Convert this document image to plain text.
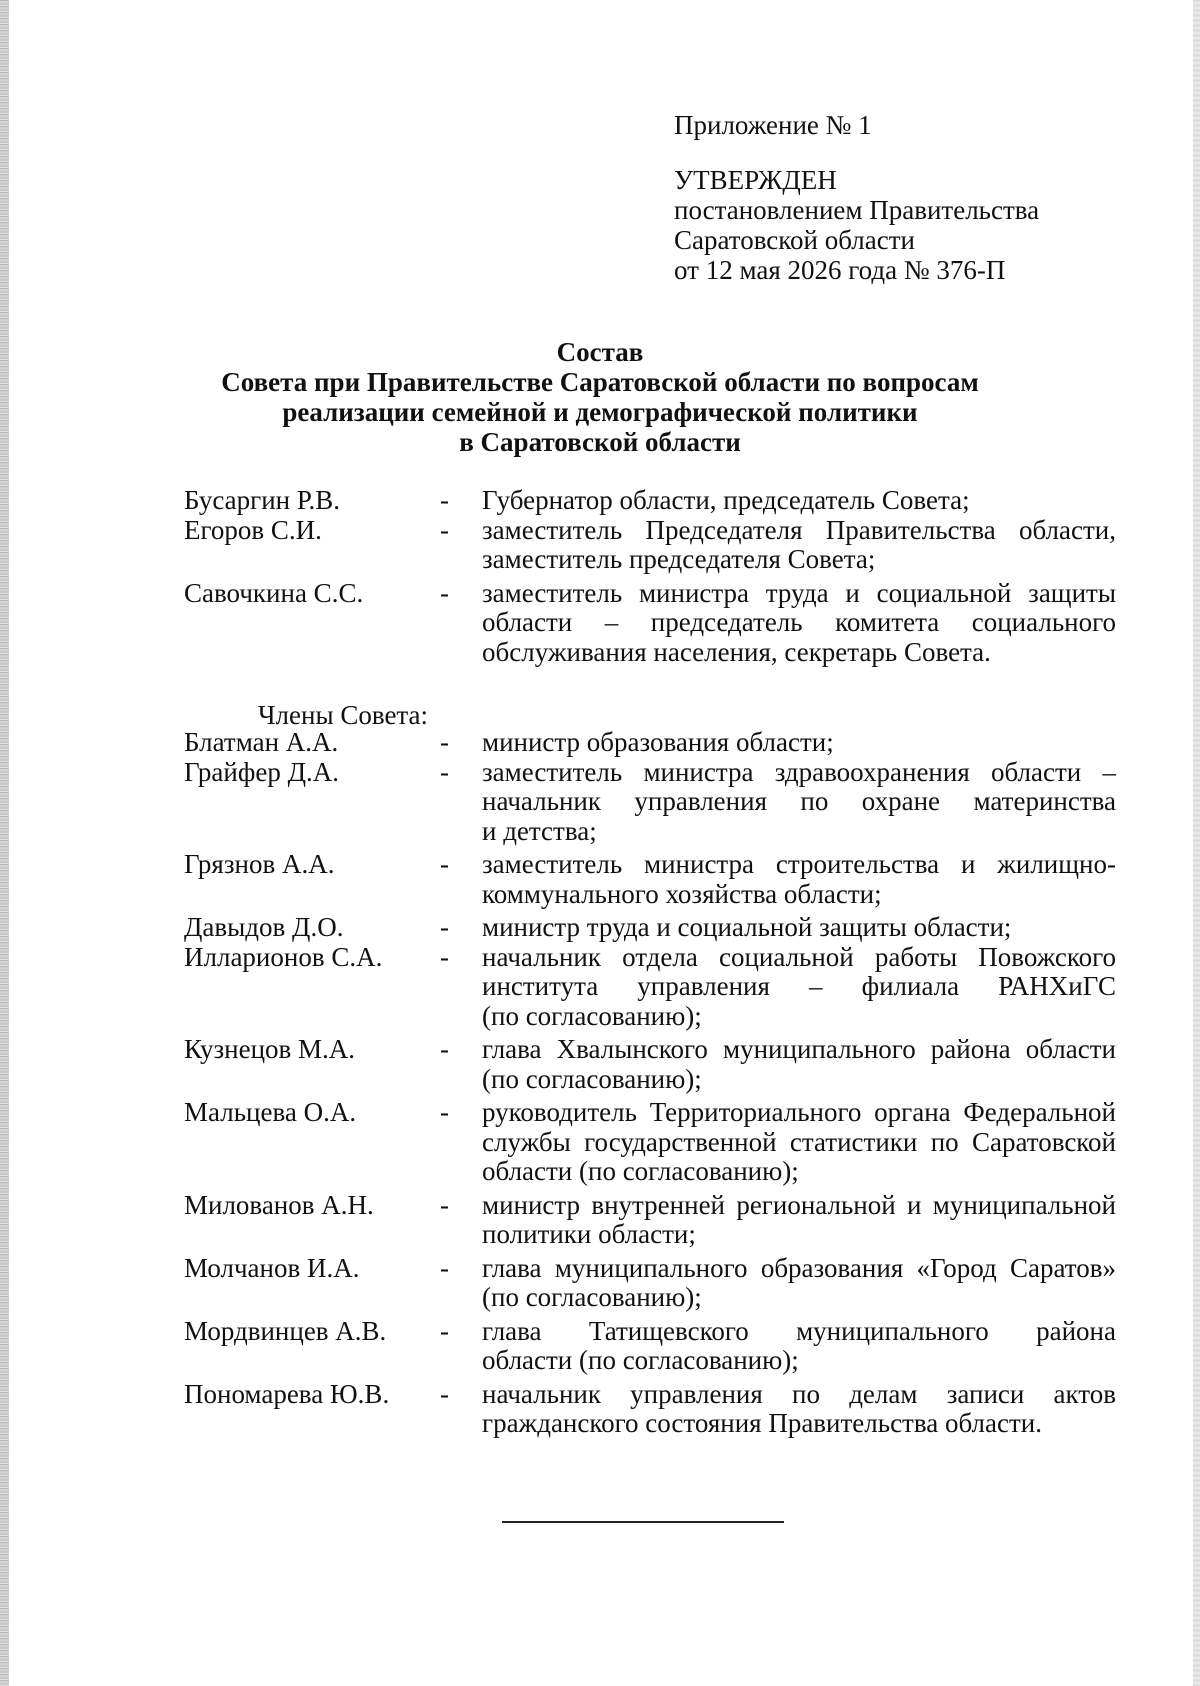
Приложение № 1
УТВЕРЖДЕН
постановлением Правительства
Саратовской области
от 12 мая 2026 года № 376-П
Состав
Совета при Правительстве Саратовской области по вопросам
реализации семейной и демографической политики
в Саратовской области
Бусаргин Р.В.	-	Губернатор области, председатель Совета;
Егоров С.И.	-	заместитель Председателя Правительства области,
заместитель председателя Совета;
Савочкина С.С.	-	заместитель министра труда и социальной защиты
области – председатель комитета социального
обслуживания населения, секретарь Совета.
Члены Совета:
Блатман А.А.	-	министр образования области;
Грайфер Д.А.	-	заместитель министра здравоохранения области –
начальник управления по охране материнства
и детства;
Грязнов А.А.	-	заместитель министра строительства и жилищно-
коммунального хозяйства области;
Давыдов Д.О.	-	министр труда и социальной защиты области;
Илларионов С.А.	-	начальник отдела социальной работы Повожского
института управления – филиала РАНХиГС
(по согласованию);
Кузнецов М.А.	-	глава Хвалынского муниципального района области
(по согласованию);
Мальцева О.А.	-	руководитель Территориального органа Федеральной
службы государственной статистики по Саратовской
области (по согласованию);
Милованов А.Н.	-	министр внутренней региональной и муниципальной
политики области;
Молчанов И.А.	-	глава муниципального образования «Город Саратов»
(по согласованию);
Мордвинцев А.В.	-	глава Татищевского муниципального района
области (по согласованию);
Пономарева Ю.В.	-	начальник управления по делам записи актов
гражданского состояния Правительства области.
